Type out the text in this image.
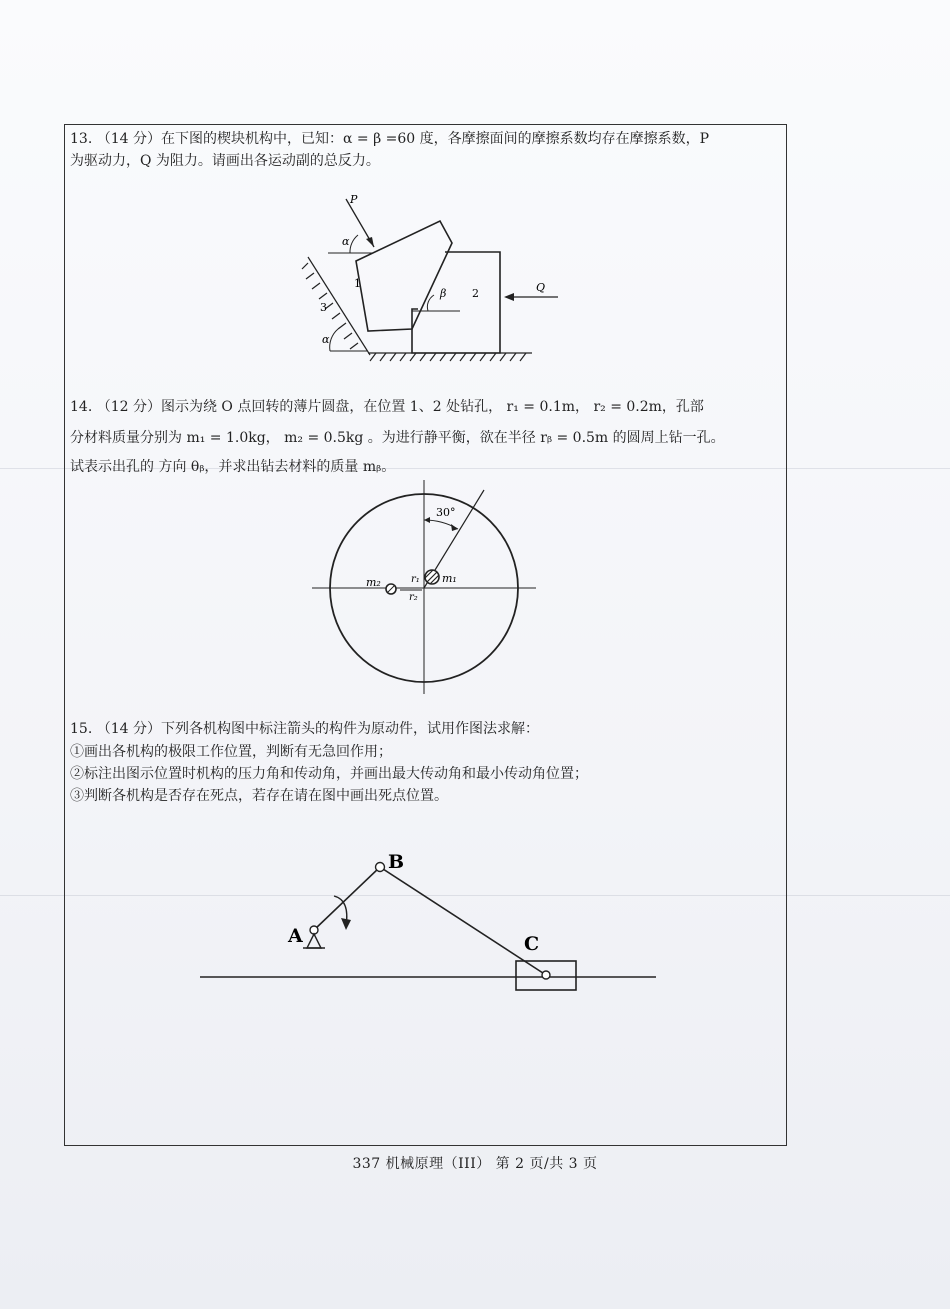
13. （14 分）在下图的楔块机构中，已知：α = β =60 度，各摩擦面间的摩擦系数均存在摩擦系数，P
为驱动力，Q 为阻力。请画出各运动副的总反力。
P
Q
α
α
β
1
2
3
14. （12 分）图示为绕 O 点回转的薄片圆盘，在位置 1、2 处钻孔， r₁ = 0.1m， r₂ = 0.2m，孔部
分材料质量分别为 m₁ = 1.0kg， m₂ = 0.5kg 。为进行静平衡，欲在半径 rᵦ = 0.5m 的圆周上钻一孔。
试表示出孔的 方向 θᵦ，并求出钻去材料的质量 mᵦ。
30°
m₁
m₂	r₁
r₂
15. （14 分）下列各机构图中标注箭头的构件为原动件，试用作图法求解：
①画出各机构的极限工作位置，判断有无急回作用；
②标注出图示位置时机构的压力角和传动角，并画出最大传动角和最小传动角位置；
③判断各机构是否存在死点，若存在请在图中画出死点位置。
A
B
C
337 机械原理（III） 第 2 页/共 3 页
